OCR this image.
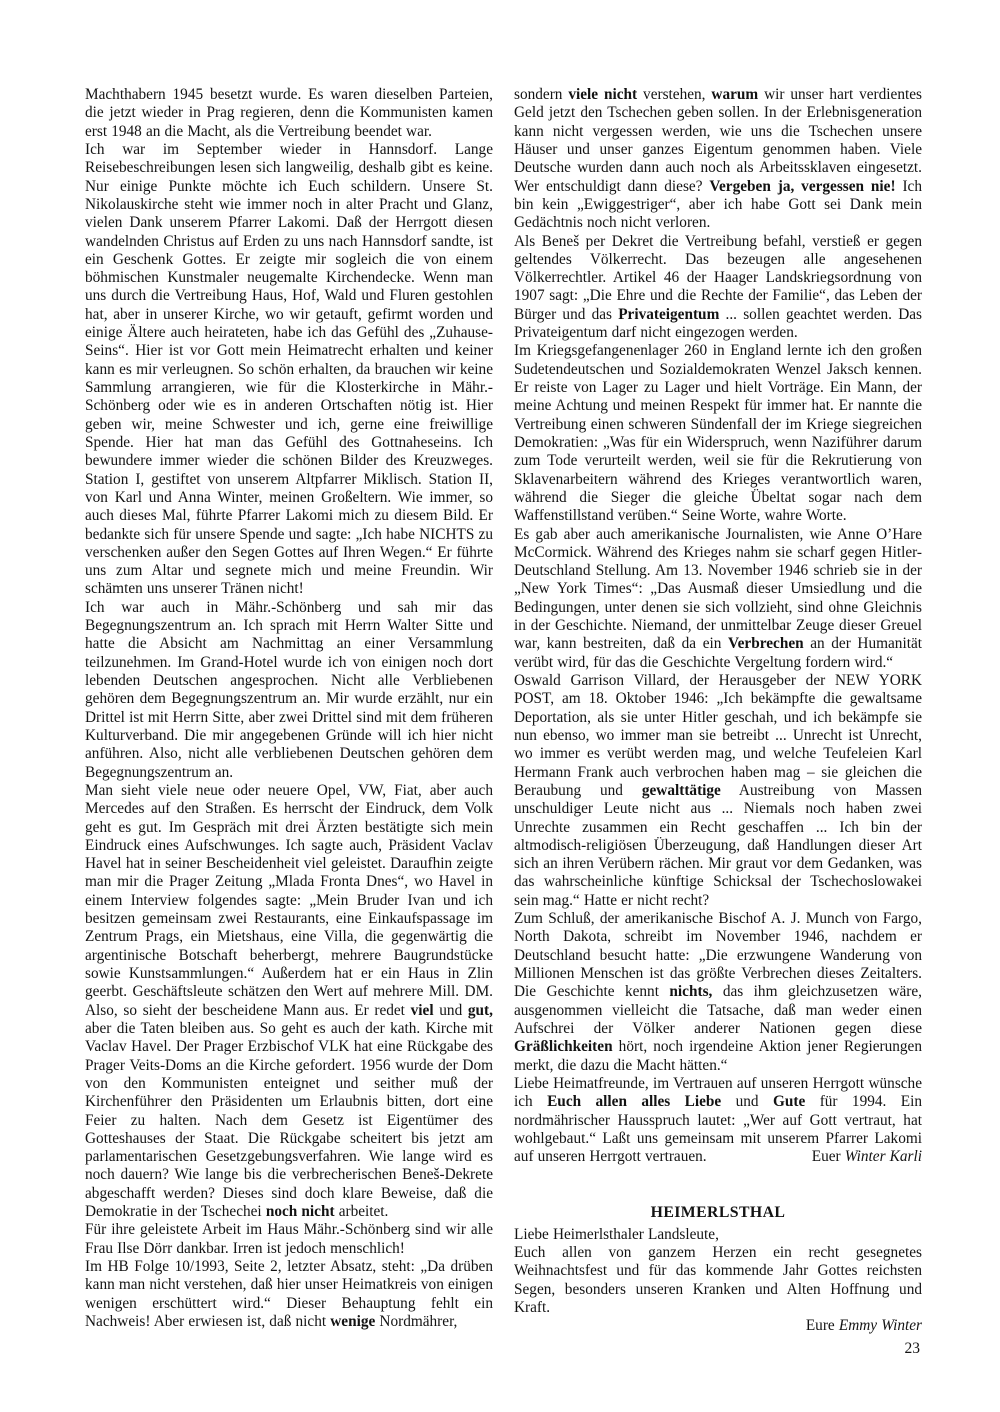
Machthabern 1945 besetzt wurde. Es waren dieselben Parteien, die jetzt wieder in Prag regieren, denn die Kommunisten kamen erst 1948 an die Macht, als die Vertreibung beendet war.

Ich war im September wieder in Hannsdorf. Lange Reisebeschreibungen lesen sich langweilig, deshalb gibt es keine. Nur einige Punkte möchte ich Euch schildern. Unsere St. Nikolauskirche steht wie immer noch in alter Pracht und Glanz, vielen Dank unserem Pfarrer Lakomi. Daß der Herrgott diesen wandelnden Christus auf Erden zu uns nach Hannsdorf sandte, ist ein Geschenk Gottes. Er zeigte mir sogleich die von einem böhmischen Kunstmaler neugemalte Kirchendecke. Wenn man uns durch die Vertreibung Haus, Hof, Wald und Fluren gestohlen hat, aber in unserer Kirche, wo wir getauft, gefirmt worden und einige Ältere auch heirateten, habe ich das Gefühl des „Zuhause-Seins“. Hier ist vor Gott mein Heimatrecht erhalten und keiner kann es mir verleugnen. So schön erhalten, da brauchen wir keine Sammlung arrangieren, wie für die Klosterkirche in Mähr.-Schönberg oder wie es in anderen Ortschaften nötig ist. Hier geben wir, meine Schwester und ich, gerne eine freiwillige Spende. Hier hat man das Gefühl des Gottnaheseins. Ich bewundere immer wieder die schönen Bilder des Kreuzweges. Station I, gestiftet von unserem Altpfarrer Miklisch. Station II, von Karl und Anna Winter, meinen Großeltern. Wie immer, so auch dieses Mal, führte Pfarrer Lakomi mich zu diesem Bild. Er bedankte sich für unsere Spende und sagte: „Ich habe NICHTS zu verschenken außer den Segen Gottes auf Ihren Wegen.“ Er führte uns zum Altar und segnete mich und meine Freundin. Wir schämten uns unserer Tränen nicht!

Ich war auch in Mähr.-Schönberg und sah mir das Begegnungszentrum an. Ich sprach mit Herrn Walter Sitte und hatte die Absicht am Nachmittag an einer Versammlung teilzunehmen. Im Grand-Hotel wurde ich von einigen noch dort lebenden Deutschen angesprochen. Nicht alle Verbliebenen gehören dem Begegnungszentrum an. Mir wurde erzählt, nur ein Drittel ist mit Herrn Sitte, aber zwei Drittel sind mit dem früheren Kulturverband. Die mir angegebenen Gründe will ich hier nicht anführen. Also, nicht alle verbliebenen Deutschen gehören dem Begegnungszentrum an.

Man sieht viele neue oder neuere Opel, VW, Fiat, aber auch Mercedes auf den Straßen. Es herrscht der Eindruck, dem Volk geht es gut. Im Gespräch mit drei Ärzten bestätigte sich mein Eindruck eines Aufschwunges. Ich sagte auch, Präsident Vaclav Havel hat in seiner Bescheidenheit viel geleistet. Daraufhin zeigte man mir die Prager Zeitung „Mlada Fronta Dnes“, wo Havel in einem Interview folgendes sagte: „Mein Bruder Ivan und ich besitzen gemeinsam zwei Restaurants, eine Einkaufspassage im Zentrum Prags, ein Mietshaus, eine Villa, die gegenwärtig die argentinische Botschaft beherbergt, mehrere Baugrundstücke sowie Kunstsammlungen.“ Außerdem hat er ein Haus in Zlin geerbt. Geschäftsleute schätzen den Wert auf mehrere Mill. DM. Also, so sieht der bescheidene Mann aus. Er redet viel und gut, aber die Taten bleiben aus. So geht es auch der kath. Kirche mit Vaclav Havel. Der Prager Erzbischof VLK hat eine Rückgabe des Prager Veits-Doms an die Kirche gefordert. 1956 wurde der Dom von den Kommunisten enteignet und seither muß der Kirchenführer den Präsidenten um Erlaubnis bitten, dort eine Feier zu halten. Nach dem Gesetz ist Eigentümer des Gotteshauses der Staat. Die Rückgabe scheitert bis jetzt am parlamentarischen Gesetzgebungsverfahren. Wie lange wird es noch dauern? Wie lange bis die verbrecherischen Beneš-Dekrete abgeschafft werden? Dieses sind doch klare Beweise, daß die Demokratie in der Tschechei noch nicht arbeitet.

Für ihre geleistete Arbeit im Haus Mähr.-Schönberg sind wir alle Frau Ilse Dörr dankbar. Irren ist jedoch menschlich!

Im HB Folge 10/1993, Seite 2, letzter Absatz, steht: „Da drüben kann man nicht verstehen, daß hier unser Heimatkreis von einigen wenigen erschüttert wird.“ Dieser Behauptung fehlt ein Nachweis! Aber erwiesen ist, daß nicht wenige Nordmährer,

sondern viele nicht verstehen, warum wir unser hart verdientes Geld jetzt den Tschechen geben sollen. In der Erlebnisgeneration kann nicht vergessen werden, wie uns die Tschechen unsere Häuser und unser ganzes Eigentum genommen haben. Viele Deutsche wurden dann auch noch als Arbeitssklaven eingesetzt. Wer entschuldigt dann diese? Vergeben ja, vergessen nie! Ich bin kein „Ewiggestriger“, aber ich habe Gott sei Dank mein Gedächtnis noch nicht verloren.

Als Beneš per Dekret die Vertreibung befahl, verstieß er gegen geltendes Völkerrecht. Das bezeugen alle angesehenen Völkerrechtler. Artikel 46 der Haager Landskriegsordnung von 1907 sagt: „Die Ehre und die Rechte der Familie“, das Leben der Bürger und das Privateigentum ... sollen geachtet werden. Das Privateigentum darf nicht eingezogen werden.

Im Kriegsgefangenenlager 260 in England lernte ich den großen Sudetendeutschen und Sozialdemokraten Wenzel Jaksch kennen. Er reiste von Lager zu Lager und hielt Vorträge. Ein Mann, der meine Achtung und meinen Respekt für immer hat. Er nannte die Vertreibung einen schweren Sündenfall der im Kriege siegreichen Demokratien: „Was für ein Widerspruch, wenn Naziführer darum zum Tode verurteilt werden, weil sie für die Rekrutierung von Sklavenarbeitern während des Krieges verantwortlich waren, während die Sieger die gleiche Übeltat sogar nach dem Waffenstillstand verüben.“ Seine Worte, wahre Worte.

Es gab aber auch amerikanische Journalisten, wie Anne O’Hare McCormick. Während des Krieges nahm sie scharf gegen Hitler-Deutschland Stellung. Am 13. November 1946 schrieb sie in der „New York Times“: „Das Ausmaß dieser Umsiedlung und die Bedingungen, unter denen sie sich vollzieht, sind ohne Gleichnis in der Geschichte. Niemand, der unmittelbar Zeuge dieser Greuel war, kann bestreiten, daß da ein Verbrechen an der Humanität verübt wird, für das die Geschichte Vergeltung fordern wird.“

Oswald Garrison Villard, der Herausgeber der NEW YORK POST, am 18. Oktober 1946: „Ich bekämpfte die gewaltsame Deportation, als sie unter Hitler geschah, und ich bekämpfe sie nun ebenso, wo immer man sie betreibt ... Unrecht ist Unrecht, wo immer es verübt werden mag, und welche Teufeleien Karl Hermann Frank auch verbrochen haben mag – sie gleichen die Beraubung und gewalttätige Austreibung von Massen unschuldiger Leute nicht aus ... Niemals noch haben zwei Unrechte zusammen ein Recht geschaffen ... Ich bin der altmodisch-religiösen Überzeugung, daß Handlungen dieser Art sich an ihren Verübern rächen. Mir graut vor dem Gedanken, was das wahrscheinliche künftige Schicksal der Tschechoslowakei sein mag.“ Hatte er nicht recht?

Zum Schluß, der amerikanische Bischof A. J. Munch von Fargo, North Dakota, schreibt im November 1946, nachdem er Deutschland besucht hatte: „Die erzwungene Wanderung von Millionen Menschen ist das größte Verbrechen dieses Zeitalters. Die Geschichte kennt nichts, das ihm gleichzusetzen wäre, ausgenommen vielleicht die Tatsache, daß man weder einen Aufschrei der Völker anderer Nationen gegen diese Gräßlichkeiten hört, noch irgendeine Aktion jener Regierungen merkt, die dazu die Macht hätten.“

Liebe Heimatfreunde, im Vertrauen auf unseren Herrgott wünsche ich Euch allen alles Liebe und Gute für 1994. Ein nordmährischer Hausspruch lautet: „Wer auf Gott vertraut, hat wohlgebaut.“ Laßt uns gemeinsam mit unserem Pfarrer Lakomi auf unseren Herrgott vertrauen.	Euer Winter Karli

HEIMERLSTHAL

Liebe Heimerlsthaler Landsleute,

Euch allen von ganzem Herzen ein recht gesegnetes Weihnachtsfest und für das kommende Jahr Gottes reichsten Segen, besonders unseren Kranken und Alten Hoffnung und Kraft.

Eure Emmy Winter

23
